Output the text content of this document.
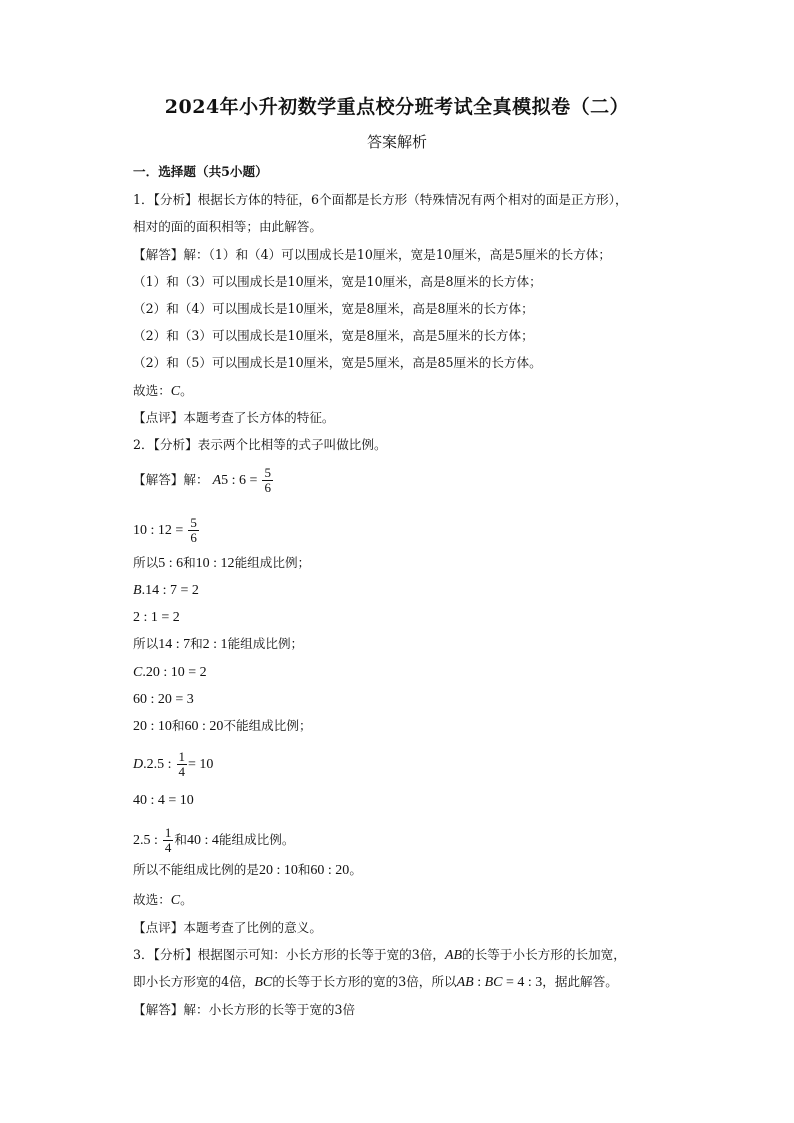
2024年小升初数学重点校分班考试全真模拟卷（二）
答案解析
一．选择题（共5小题）
1．【分析】根据长方体的特征，6个面都是长方形（特殊情况有两个相对的面是正方形），
相对的面的面积相等；由此解答。
【解答】解：（1）和（4）可以围成长是10厘米，宽是10厘米，高是5厘米的长方体；
（1）和（3）可以围成长是10厘米，宽是10厘米，高是8厘米的长方体；
（2）和（4）可以围成长是10厘米，宽是8厘米，高是8厘米的长方体；
（2）和（3）可以围成长是10厘米，宽是8厘米，高是5厘米的长方体；
（2）和（5）可以围成长是10厘米，宽是5厘米，高是85厘米的长方体。
故选：C。
【点评】本题考查了长方体的特征。
2．【分析】表示两个比相等的式子叫做比例。
【解答】解： A5 : $6 = \frac{5}{6}$
10 : $12 = \frac{5}{6}$
所以5 : 6和10 : 12能组成比例；
B.14 : 7 = 2
2 : 1 = 2
所以14 : 7和2 : 1能组成比例；
C.20 : 10 = 2
60 : 20 = 3
20 : 10和60 : 20不能组成比例；
D.2.5 : $\frac{1}{4} = 10$
40 : 4 = 10
2.5 : $\frac{1}{4}$ 和40 : 4能组成比例。
所以不能组成比例的是20 : 10和60 : 20。
故选：C。
【点评】本题考查了比例的意义。
3．【分析】根据图示可知：小长方形的长等于宽的3倍，AB的长等于小长方形的长加宽，
即小长方形宽的4倍，BC的长等于长方形的宽的3倍，所以AB : BC = 4 : 3，据此解答。
【解答】解：小长方形的长等于宽的3倍
